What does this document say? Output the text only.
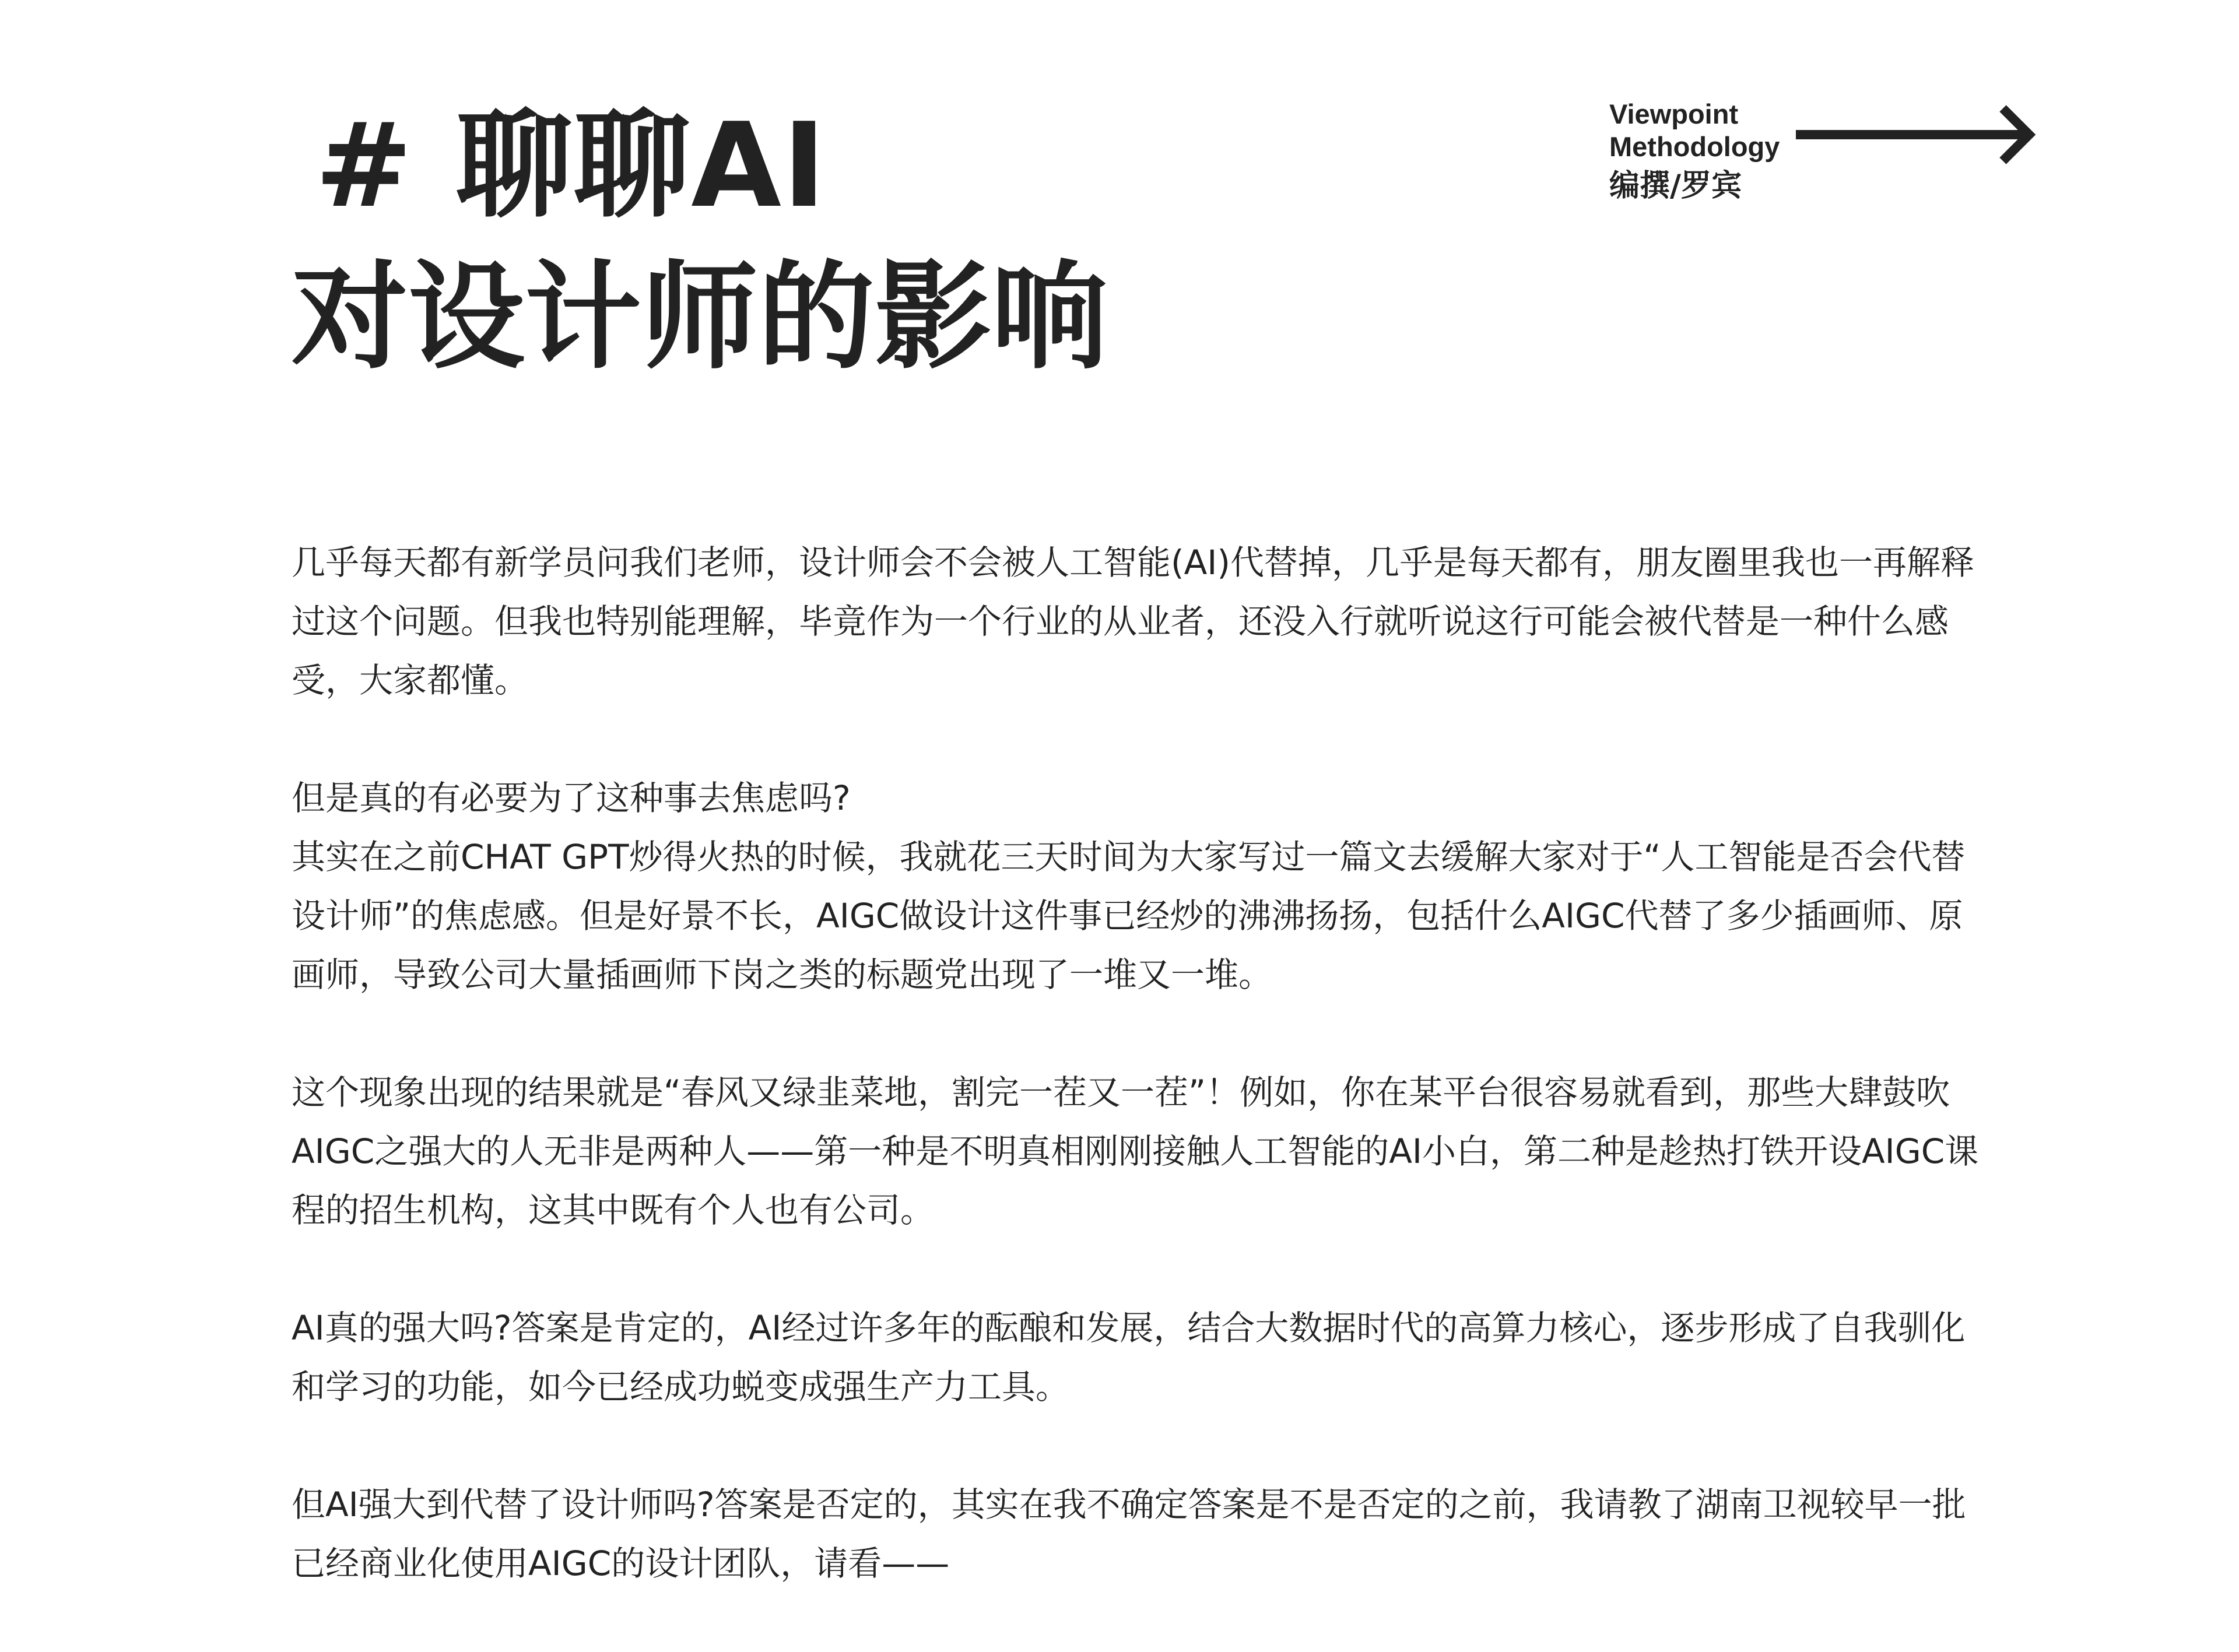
# 聊聊AI
对设计师的影响
Viewpoint
Methodology
编撰/罗宾

几乎每天都有新学员问我们老师，设计师会不会被人工智能(AI)代替掉，几乎是每天都有，朋友圈里我也一再解释过这个问题。但我也特别能理解，毕竟作为一个行业的从业者，还没入行就听说这行可能会被代替是一种什么感受，大家都懂。

但是真的有必要为了这种事去焦虑吗?

其实在之前CHAT GPT炒得火热的时候，我就花三天时间为大家写过一篇文去缓解大家对于“人工智能是否会代替设计师”的焦虑感。但是好景不长，AIGC做设计这件事已经炒的沸沸扬扬，包括什么AIGC代替了多少插画师、原画师，导致公司大量插画师下岗之类的标题党出现了一堆又一堆。

这个现象出现的结果就是“春风又绿韭菜地，割完一茬又一茬”！例如，你在某平台很容易就看到，那些大肆鼓吹AIGC之强大的人无非是两种人——第一种是不明真相刚刚接触人工智能的AI小白，第二种是趁热打铁开设AIGC课程的招生机构，这其中既有个人也有公司。

AI真的强大吗?答案是肯定的，AI经过许多年的酝酿和发展，结合大数据时代的高算力核心，逐步形成了自我驯化和学习的功能，如今已经成功蜕变成强生产力工具。

但AI强大到代替了设计师吗?答案是否定的，其实在我不确定答案是不是否定的之前，我请教了湖南卫视较早一批已经商业化使用AIGC的设计团队，请看——
